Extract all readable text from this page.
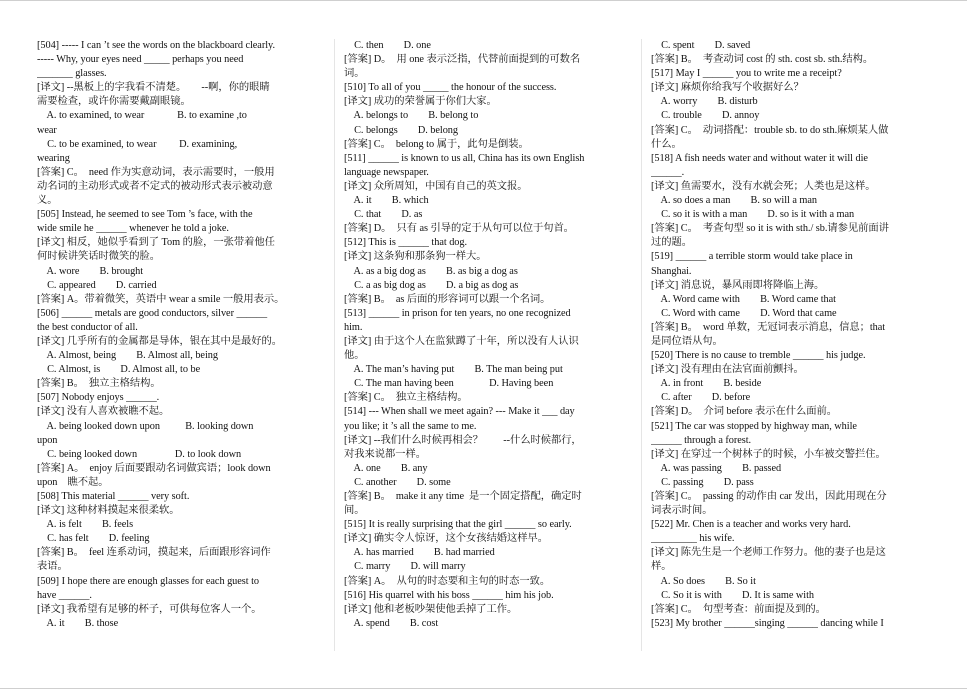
[504] ----- I can ’t see the words on the blackboard clearly.
----- Why, your eyes need _____ perhaps you need
_______ glasses.
[译文] --黑板上的字我看不清楚。      --啊，你的眼睛
需要检查，或许你需要戴副眼镜。
A. to examined, to wear             B. to examine ,to
wear
C. to be examined, to wear         D. examining,
wearing
[答案] C。  need 作为实意动词，表示需要时，一般用
动名词的主动形式或者不定式的被动形式表示被动意
义。
[505] Instead, he seemed to see Tom ’s face, with the
wide smile he ______ whenever he told a joke.
[译文] 相反，她似乎看到了 Tom 的脸，一张带着他任
何时候讲笑话时微笑的脸。
A. wore        B. brought
C. appeared        D. carried
[答案] A。带着微笑，英语中 wear a smile 一般用表示。
[506] ______ metals are good conductors, silver ______
the best conductor of all.
[译文] 几乎所有的金属都是导体，银在其中是最好的。
A. Almost, being        B. Almost all, being
C. Almost, is        D. Almost all, to be
[答案] B。  独立主格结构。
[507] Nobody enjoys ______.
[译文] 没有人喜欢被瞧不起。
A. being looked down upon          B. looking down
upon
C. being looked down               D. to look down
[答案] A。  enjoy 后面要跟动名词做宾语；look down
upon    瞧不起。
[508] This material ______ very soft.
[译文] 这种材料摸起来很柔软。
A. is felt        B. feels
C. has felt        D. feeling
[答案] B。  feel 连系动词，摸起来，后面跟形容词作
表语。
[509] I hope there are enough glasses for each guest to
have ______.
[译文] 我希望有足够的杯子，可供每位客人一个。
A. it        B. those
C. then        D. one
[答案] D。  用 one 表示泛指，代替前面提到的可数名
词。
[510] To all of you _____ the honour of the success.
[译文] 成功的荣誉属于你们大家。
A. belongs to        B. belong to
C. belongs        D. belong
[答案] C。  belong to 属于，此句是倒装。
[511] ______ is known to us all, China has its own English
language newspaper.
[译文] 众所周知，中国有自己的英文报。
A. it        B. which
C. that        D. as
[答案] D。  只有 as 引导的定于从句可以位于句首。
[512] This is ______ that dog.
[译文] 这条狗和那条狗一样大。
A. as a big dog as        B. as big a dog as
C. a as big dog as        D. a big as dog as
[答案] B。  as 后面的形容词可以跟一个名词。
[513] ______ in prison for ten years, no one recognized
him.
[译文] 由于这个人在监狱蹲了十年，所以没有人认识
他。
A. The man’s having put        B. The man being put
C. The man having been              D. Having been
[答案] C。  独立主格结构。
[514] --- When shall we meet again? --- Make it ___ day
you like; it ’s all the same to me.
[译文] --我们什么时候再相会？        --什么时候都行，
对我来说都一样。
A. one        B. any
C. another        D. some
[答案] B。  make it any time  是一个固定搭配，确定时
间。
[515] It is really surprising that the girl ______ so early.
[译文] 确实令人惊讶，这个女孩结婚这样早。
A. has married        B. had married
C. marry        D. will marry
[答案] A。  从句的时态要和主句的时态一致。
[516] His quarrel with his boss ______ him his job.
[译文] 他和老板吵架使他丢掉了工作。
A. spend        B. cost
C. spent        D. saved
[答案] B。  考查动词 cost 的 sth. cost sb. sth.结构。
[517] May I ______ you to write me a receipt?
[译文] 麻烦你给我写个收据好么？
A. worry        B. disturb
C. trouble        D. annoy
[答案] C。  动词搭配：trouble sb. to do sth.麻烦某人做
什么。
[518] A fish needs water and without water it will die
______.
[译文] 鱼需要水，没有水就会死；人类也是这样。
A. so does a man        B. so will a man
C. so it is with a man        D. so is it with a man
[答案] C。  考查句型 so it is with sth./ sb.请参见前面讲
过的题。
[519] ______ a terrible storm would take place in
Shanghai.
[译文] 消息说，暴风雨即将降临上海。
A. Word came with        B. Word came that
C. Word with came        D. Word that came
[答案] B。  word 单数，无冠词表示消息，信息；that
是同位语从句。
[520] There is no cause to tremble ______ his judge.
[译文] 没有理由在法官面前颤抖。
A. in front        B. beside
C. after        D. before
[答案] D。  介词 before 表示在什么面前。
[521] The car was stopped by highway man, while
______ through a forest.
[译文] 在穿过一个树林子的时候，小车被交警拦住。
A. was passing        B. passed
C. passing        D. pass
[答案] C。  passing 的动作由 car 发出，因此用现在分
词表示时间。
[522] Mr. Chen is a teacher and works very hard.
_________ his wife.
[译文] 陈先生是一个老师工作努力。他的妻子也是这
样。
A. So does        B. So it
C. So it is with        D. It is same with
[答案] C。  句型考查：前面提及到的。
[523] My brother ______singing ______ dancing while I
